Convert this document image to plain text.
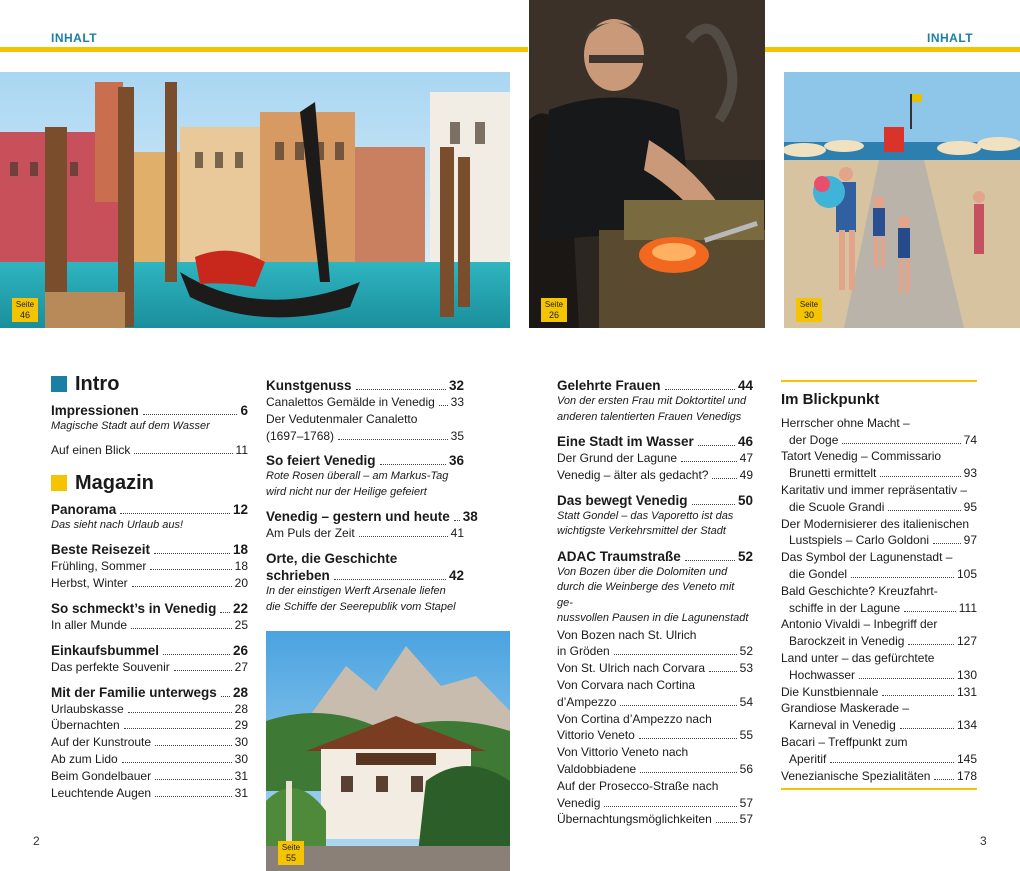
INHALT	INHALT
Seite
46
Seite
26
Seite
30
Seite
55
Intro
Impressionen	6
Magische Stadt auf dem Wasser
Auf einen Blick	11
Magazin
Panorama	12
Das sieht nach Urlaub aus!
Beste Reisezeit	18
Frühling, Sommer	18
Herbst, Winter	20
So schmeckt’s in Venedig 22
In aller Munde	25
Einkaufsbummel	26
Das perfekte Souvenir	27
Mit der Familie unterwegs 28
Urlaubskasse	28
Übernachten	29
Auf der Kunstroute	30
Ab zum Lido	30
Beim Gondelbauer	31
Leuchtende Augen	31
Kunstgenuss	32
Canalettos Gemälde in Venedig 33
Der Vedutenmaler Canaletto
(1697–1768)	35
So feiert Venedig	36
Rote Rosen überall – am Markus-Tag
wird nicht nur der Heilige gefeiert
Venedig – gestern und heute 38
Am Puls der Zeit	41
Orte, die Geschichte
schrieben	42
In der einstigen Werft Arsenale liefen
die Schiffe der Seerepublik vom Stapel
Gelehrte Frauen	44
Von der ersten Frau mit Doktortitel und
anderen talentierten Frauen Venedigs
Eine Stadt im Wasser	46
Der Grund der Lagune	47
Venedig – älter als gedacht?	49
Das bewegt Venedig	50
Statt Gondel – das Vaporetto ist das
wichtigste Verkehrsmittel der Stadt
ADAC Traumstraße	52
Von Bozen über die Dolomiten und
durch die Weinberge des Veneto mit ge-
nussvollen Pausen in die Lagunenstadt
Von Bozen nach St. Ulrich
in Gröden	52
Von St. Ulrich nach Corvara	53
Von Corvara nach Cortina
d’Ampezzo	54
Von Cortina d’Ampezzo nach
Vittorio Veneto	55
Von Vittorio Veneto nach
Valdobbiadene	56
Auf der Prosecco-Straße nach
Venedig	57
Übernachtungsmöglichkeiten 57
Im Blickpunkt
Herrscher ohne Macht –
der Doge	74
Tatort Venedig – Commissario
Brunetti ermittelt	93
Karitativ und immer repräsentativ –
die Scuole Grandi	95
Der Modernisierer des italienischen
Lustspiels – Carlo Goldoni	97
Das Symbol der Lagunenstadt –
die Gondel	105
Bald Geschichte? Kreuzfahrt-
schiffe in der Lagune	111
Antonio Vivaldi – Inbegriff der
Barockzeit in Venedig	127
Land unter – das gefürchtete
Hochwasser	130
Die Kunstbiennale	131
Grandiose Maskerade –
Karneval in Venedig	134
Bacari – Treffpunkt zum
Aperitif	145
Venezianische Spezialitäten 178
2	3
